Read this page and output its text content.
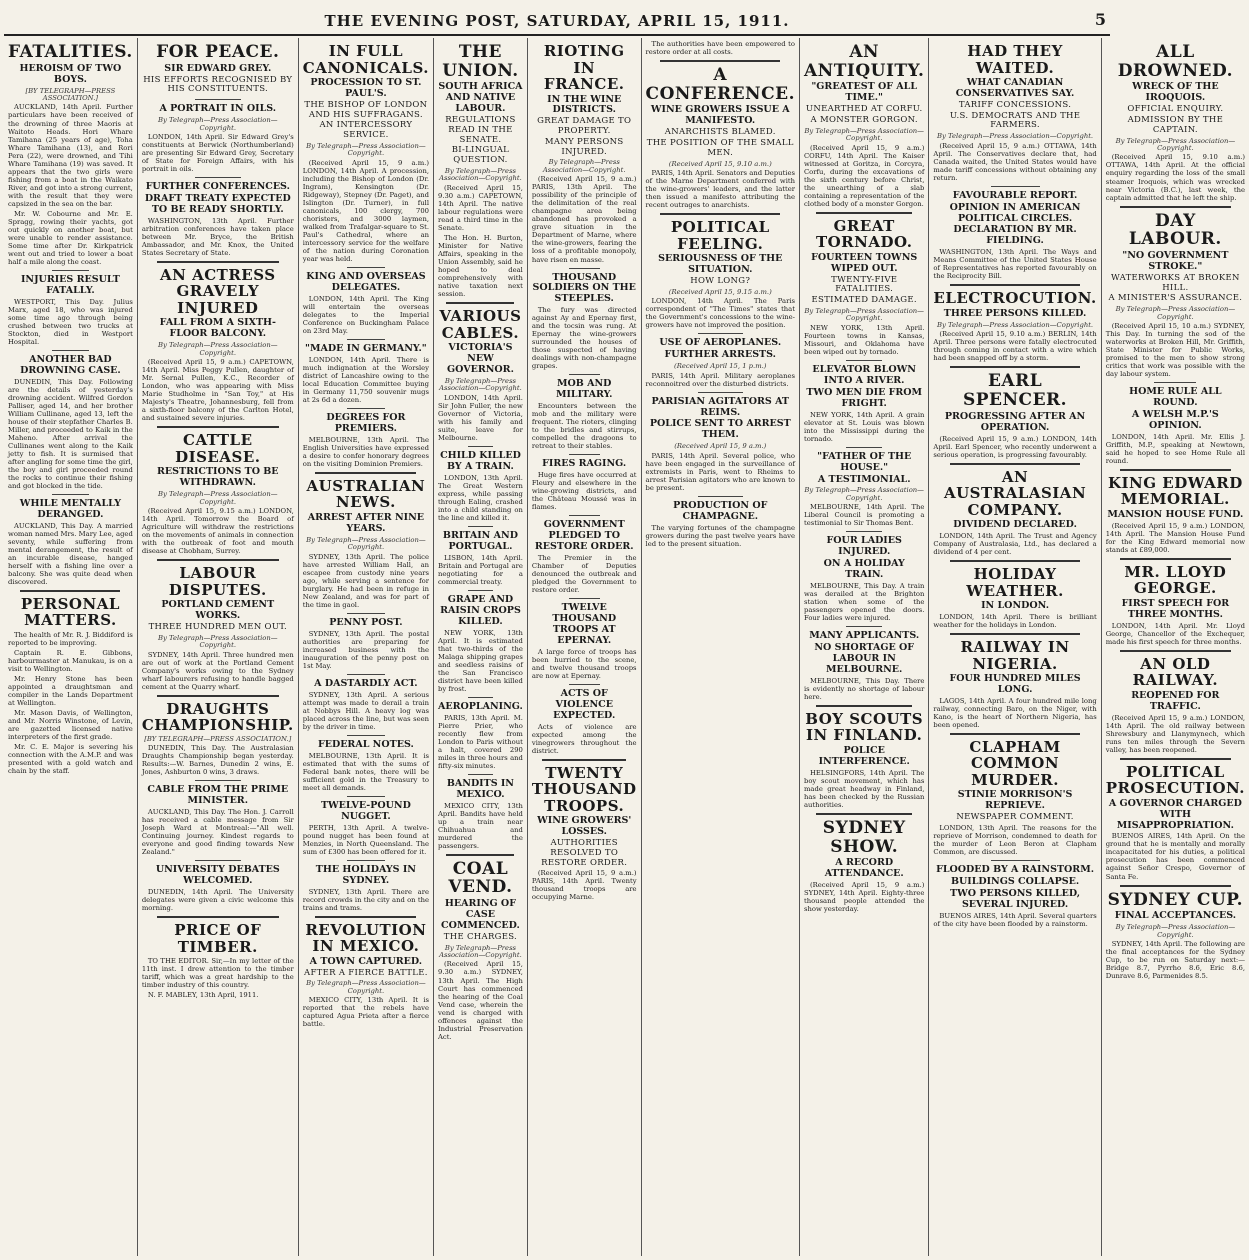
THE EVENING POST, SATURDAY, APRIL 15, 1911.	5
FATALITIES.
HEROISM OF TWO BOYS.
[BY TELEGRAPH—PRESS ASSOCIATION.]
AUCKLAND, 14th April. Further particulars have been received of the drowning of three Maoris at Waitoto Heads. Hori Whare Tamihana (25 years of age), Toha Whare Tamihana (13), and Rori Pera (22), were drowned, and Tihi Whare Tamihana (19) was saved. It appears that the two girls were fishing from a boat in the Waikato River, and got into a strong current, with the result that they were capsized in the sea on the bar.
Mr. W. Cobourne and Mr. E. Spragg, rowing their yachts, got out quickly on another boat, but were unable to render assistance. Some time after Dr. Kirkpatrick went out and tried to lower a boat half a mile along the coast.
INJURIES RESULT FATALLY.
WESTPORT, This Day. Julius Marx, aged 18, who was injured some time ago through being crushed between two trucks at Stockton, died in Westport Hospital.
ANOTHER BAD DROWNING CASE.
DUNEDIN, This Day. Following are the details of yesterday's drowning accident. Wilfred Gordon Palliser, aged 14, and her brother William Cullinane, aged 13, left the house of their stepfather Charles B. Miller, and proceeded to Kaik in the Maheno. After arrival the Cullinanes went along to the Kaik jetty to fish. It is surmised that after angling for some time the girl, the boy and girl proceeded round the rocks to continue their fishing and got blocked in the tide.
WHILE MENTALLY DERANGED.
AUCKLAND, This Day. A married woman named Mrs. Mary Lee, aged seventy, while suffering from mental derangement, the result of an incurable disease, hanged herself with a fishing line over a balcony. She was quite dead when discovered.
PERSONAL MATTERS.
The health of Mr. R. J. Biddiford is reported to be improving.
Captain R. E. Gibbons, harbourmaster at Manukau, is on a visit to Wellington.
Mr. Henry Stone has been appointed a draughtsman and compiler in the Lands Department at Wellington.
Mr. Mason Davis, of Wellington, and Mr. Norris Winstone, of Levin, are gazetted licensed native interpreters of the first grade.
Mr. C. E. Major is severing his connection with the A.M.P. and was presented with a gold watch and chain by the staff.
FOR PEACE.
SIR EDWARD GREY.
HIS EFFORTS RECOGNISED BY HIS CONSTITUENTS.
A PORTRAIT IN OILS.
By Telegraph—Press Association—Copyright.
LONDON, 14th April. Sir Edward Grey's constituents at Berwick (Northumberland) are presenting Sir Edward Grey, Secretary of State for Foreign Affairs, with his portrait in oils.
FURTHER CONFERENCES.
DRAFT TREATY EXPECTED TO BE READY SHORTLY.
WASHINGTON, 13th April. Further arbitration conferences have taken place between Mr. Bryce, the British Ambassador, and Mr. Knox, the United States Secretary of State.
AN ACTRESS GRAVELY INJURED
FALL FROM A SIXTH-FLOOR BALCONY.
By Telegraph—Press Association—Copyright.
(Received April 15, 9 a.m.) CAPETOWN, 14th April. Miss Peggy Pullen, daughter of Mr. Sernal Pullen, K.C., Recorder of London, who was appearing with Miss Marie Studholme in "San Toy," at His Majesty's Theatre, Johannesburg, fell from a sixth-floor balcony of the Carlton Hotel, and sustained severe injuries.
CATTLE DISEASE.
RESTRICTIONS TO BE WITHDRAWN.
By Telegraph—Press Association—Copyright.
(Received April 15, 9.15 a.m.) LONDON, 14th April. Tomorrow the Board of Agriculture will withdraw the restrictions on the movements of animals in connection with the outbreak of foot and mouth disease at Chobham, Surrey.
LABOUR DISPUTES.
PORTLAND CEMENT WORKS.
THREE HUNDRED MEN OUT.
By Telegraph—Press Association—Copyright.
SYDNEY, 14th April. Three hundred men are out of work at the Portland Cement Company's works owing to the Sydney wharf labourers refusing to handle bagged cement at the Quarry wharf.
DRAUGHTS CHAMPIONSHIP.
[BY TELEGRAPH—PRESS ASSOCIATION.]
DUNEDIN, This Day. The Australasian Draughts Championship began yesterday. Results:—W. Barnes, Dunedin 2 wins, E. Jones, Ashburton 0 wins, 3 draws.
CABLE FROM THE PRIME MINISTER.
AUCKLAND, This Day. The Hon. J. Carroll has received a cable message from Sir Joseph Ward at Montreal:—"All well. Continuing journey. Kindest regards to everyone and good finding towards New Zealand."
UNIVERSITY DEBATES WELCOMED.
DUNEDIN, 14th April. The University delegates were given a civic welcome this morning.
PRICE OF TIMBER.
TO THE EDITOR. Sir,—In my letter of the 11th inst. I drew attention to the timber tariff, which was a great hardship to the timber industry of this country.
N. F. MABLEY, 13th April, 1911.
IN FULL CANONICALS.
PROCESSION TO ST. PAUL'S.
THE BISHOP OF LONDON AND HIS SUFFRAGANS.
AN INTERCESSORY SERVICE.
By Telegraph—Press Association—Copyright.
(Received April 15, 9 a.m.) LONDON, 14th April. A procession, including the Bishop of London (Dr. Ingram), Kensington (Dr. Ridgeway), Stepney (Dr. Paget), and Islington (Dr. Turner), in full canonicals, 100 clergy, 700 choristers, and 3000 laymen, walked from Trafalgar-square to St. Paul's Cathedral, where an intercessory service for the welfare of the nation during Coronation year was held.
KING AND OVERSEAS DELEGATES.
LONDON, 14th April. The King will entertain the overseas delegates to the Imperial Conference on Buckingham Palace on 23rd May.
"MADE IN GERMANY."
LONDON, 14th April. There is much indignation at the Worsley district of Lancashire owing to the local Education Committee buying in Germany 11,750 souvenir mugs at 2s 6d a dozen.
DEGREES FOR PREMIERS.
MELBOURNE, 13th April. The English Universities have expressed a desire to confer honorary degrees on the visiting Dominion Premiers.
AUSTRALIAN NEWS.
ARREST AFTER NINE YEARS.
By Telegraph—Press Association—Copyright.
SYDNEY, 13th April. The police have arrested William Hall, an escapee from custody nine years ago, while serving a sentence for burglary. He had been in refuge in New Zealand, and was for part of the time in gaol.
PENNY POST.
SYDNEY, 13th April. The postal authorities are preparing for increased business with the inauguration of the penny post on 1st May.
A DASTARDLY ACT.
SYDNEY, 13th April. A serious attempt was made to derail a train at Nobbys Hill. A heavy log was placed across the line, but was seen by the driver in time.
FEDERAL NOTES.
MELBOURNE, 13th April. It is estimated that with the sums of Federal bank notes, there will be sufficient gold in the Treasury to meet all demands.
TWELVE-POUND NUGGET.
PERTH, 13th April. A twelve-pound nugget has been found at Menzies, in North Queensland. The sum of £300 has been offered for it.
THE HOLIDAYS IN SYDNEY.
SYDNEY, 13th April. There are record crowds in the city and on the trains and trams.
REVOLUTION IN MEXICO.
A TOWN CAPTURED.
AFTER A FIERCE BATTLE.
By Telegraph—Press Association—Copyright.
MEXICO CITY, 13th April. It is reported that the rebels have captured Agua Prieta after a fierce battle.
THE UNION.
SOUTH AFRICA AND NATIVE LABOUR.
REGULATIONS READ IN THE SENATE.
BI-LINGUAL QUESTION.
By Telegraph—Press Association—Copyright.
(Received April 15, 9.30 a.m.) CAPETOWN, 14th April. The native labour regulations were read a third time in the Senate.
The Hon. H. Burton, Minister for Native Affairs, speaking in the Union Assembly, said he hoped to deal comprehensively with native taxation next session.
VARIOUS CABLES.
VICTORIA'S NEW GOVERNOR.
By Telegraph—Press Association—Copyright.
LONDON, 14th April. Sir John Fuller, the new Governor of Victoria, with his family and suite, leave for Melbourne.
CHILD KILLED BY A TRAIN.
LONDON, 13th April. The Great Western express, while passing through Ealing, crashed into a child standing on the line and killed it.
BRITAIN AND PORTUGAL.
LISBON, 14th April. Britain and Portugal are negotiating for a commercial treaty.
GRAPE AND RAISIN CROPS KILLED.
NEW YORK, 13th April. It is estimated that two-thirds of the Malaga shipping grapes and seedless raisins of the San Francisco district have been killed by frost.
AEROPLANING.
PARIS, 13th April. M. Pierre Prier, who recently flew from London to Paris without a halt, covered 290 miles in three hours and fifty-six minutes.
BANDITS IN MEXICO.
MEXICO CITY, 13th April. Bandits have held up a train near Chihuahua and murdered the passengers.
COAL VEND.
HEARING OF CASE COMMENCED.
THE CHARGES.
By Telegraph—Press Association—Copyright.
(Received April 15, 9.30 a.m.) SYDNEY, 13th April. The High Court has commenced the hearing of the Coal Vend case, wherein the vend is charged with offences against the Industrial Preservation Act.
RIOTING IN FRANCE.
IN THE WINE DISTRICTS.
GREAT DAMAGE TO PROPERTY.
MANY PERSONS INJURED.
By Telegraph—Press Association—Copyright.
(Received April 15, 9 a.m.) PARIS, 13th April. The possibility of the principle of the delimitation of the real champagne area being abandoned has provoked a grave situation in the Department of Marne, where the wine-growers, fearing the loss of a profitable monopoly, have risen en masse.
THOUSAND SOLDIERS ON THE STEEPLES.
The fury was directed against Ay and Epernay first, and the tocsin was rung. At Epernay the wine-growers surrounded the houses of those suspected of having dealings with non-champagne grapes.
MOB AND MILITARY.
Encounters between the mob and the military were frequent. The rioters, clinging to the bridles and stirrups, compelled the dragoons to retreat to their stables.
FIRES RAGING.
Huge fires have occurred at Fleury and elsewhere in the wine-growing districts, and the Château Moussé was in flames.
GOVERNMENT PLEDGED TO RESTORE ORDER.
The Premier in the Chamber of Deputies denounced the outbreak and pledged the Government to restore order.
TWELVE THOUSAND TROOPS AT EPERNAY.
A large force of troops has been hurried to the scene, and twelve thousand troops are now at Epernay.
ACTS OF VIOLENCE EXPECTED.
Acts of violence are expected among the vinegrowers throughout the district.
TWENTY THOUSAND TROOPS.
WINE GROWERS' LOSSES.
AUTHORITIES RESOLVED TO RESTORE ORDER.
(Received April 15, 9 a.m.) PARIS, 14th April. Twenty thousand troops are occupying Marne.
The authorities have been empowered to restore order at all costs.
A CONFERENCE.
WINE GROWERS ISSUE A MANIFESTO.
ANARCHISTS BLAMED.
THE POSITION OF THE SMALL MEN.
(Received April 15, 9.10 a.m.)
PARIS, 14th April. Senators and Deputies of the Marne Department conferred with the wine-growers' leaders, and the latter then issued a manifesto attributing the recent outrages to anarchists.
POLITICAL FEELING.
SERIOUSNESS OF THE SITUATION.
HOW LONG?
(Received April 15, 9.15 a.m.)
LONDON, 14th April. The Paris correspondent of "The Times" states that the Government's concessions to the wine-growers have not improved the position.
USE OF AEROPLANES.
FURTHER ARRESTS.
(Received April 15, 1 p.m.)
PARIS, 14th April. Military aeroplanes reconnoitred over the disturbed districts.
PARISIAN AGITATORS AT REIMS.
POLICE SENT TO ARREST THEM.
(Received April 15, 9 a.m.)
PARIS, 14th April. Several police, who have been engaged in the surveillance of extremists in Paris, went to Rheims to arrest Parisian agitators who are known to be present.
PRODUCTION OF CHAMPAGNE.
The varying fortunes of the champagne growers during the past twelve years have led to the present situation.
AN ANTIQUITY.
"GREATEST OF ALL TIME."
UNEARTHED AT CORFU.
A MONSTER GORGON.
By Telegraph—Press Association—Copyright.
(Received April 15, 9 a.m.) CORFU, 14th April. The Kaiser witnessed at Goritza, in Corcyra, Corfu, during the excavations of the sixth century before Christ, the unearthing of a slab containing a representation of the clothed body of a monster Gorgon.
GREAT TORNADO.
FOURTEEN TOWNS WIPED OUT.
TWENTY-FIVE FATALITIES.
ESTIMATED DAMAGE.
By Telegraph—Press Association—Copyright.
NEW YORK, 13th April. Fourteen towns in Kansas, Missouri, and Oklahoma have been wiped out by tornado.
ELEVATOR BLOWN INTO A RIVER.
TWO MEN DIE FROM FRIGHT.
NEW YORK, 14th April. A grain elevator at St. Louis was blown into the Mississippi during the tornado.
"FATHER OF THE HOUSE."
A TESTIMONIAL.
By Telegraph—Press Association—Copyright.
MELBOURNE, 14th April. The Liberal Council is promoting a testimonial to Sir Thomas Bent.
FOUR LADIES INJURED.
ON A HOLIDAY TRAIN.
MELBOURNE, This Day. A train was derailed at the Brighton station when some of the passengers opened the doors. Four ladies were injured.
MANY APPLICANTS.
NO SHORTAGE OF LABOUR IN MELBOURNE.
MELBOURNE, This Day. There is evidently no shortage of labour here.
BOY SCOUTS IN FINLAND.
POLICE INTERFERENCE.
HELSINGFORS, 14th April. The boy scout movement, which has made great headway in Finland, has been checked by the Russian authorities.
SYDNEY SHOW.
A RECORD ATTENDANCE.
(Received April 15, 9 a.m.) SYDNEY, 14th April. Eighty-three thousand people attended the show yesterday.
HAD THEY WAITED.
WHAT CANADIAN CONSERVATIVES SAY.
TARIFF CONCESSIONS.
U.S. DEMOCRATS AND THE FARMERS.
By Telegraph—Press Association—Copyright.
(Received April 15, 9 a.m.) OTTAWA, 14th April. The Conservatives declare that, had Canada waited, the United States would have made tariff concessions without obtaining any return.
FAVOURABLE REPORT.
OPINION IN AMERICAN POLITICAL CIRCLES.
DECLARATION BY MR. FIELDING.
WASHINGTON, 13th April. The Ways and Means Committee of the United States House of Representatives has reported favourably on the Reciprocity Bill.
ELECTROCUTION.
THREE PERSONS KILLED.
By Telegraph—Press Association—Copyright.
(Received April 15, 9.10 a.m.) BERLIN, 14th April. Three persons were fatally electrocuted through coming in contact with a wire which had been snapped off by a storm.
EARL SPENCER.
PROGRESSING AFTER AN OPERATION.
(Received April 15, 9 a.m.) LONDON, 14th April. Earl Spencer, who recently underwent a serious operation, is progressing favourably.
AN AUSTRALASIAN COMPANY.
DIVIDEND DECLARED.
LONDON, 14th April. The Trust and Agency Company of Australasia, Ltd., has declared a dividend of 4 per cent.
HOLIDAY WEATHER.
IN LONDON.
LONDON, 14th April. There is brilliant weather for the holidays in London.
RAILWAY IN NIGERIA.
FOUR HUNDRED MILES LONG.
LAGOS, 14th April. A four hundred mile long railway, connecting Baro, on the Niger, with Kano, is the heart of Northern Nigeria, has been opened.
CLAPHAM COMMON MURDER.
STINIE MORRISON'S REPRIEVE.
NEWSPAPER COMMENT.
LONDON, 13th April. The reasons for the reprieve of Morrison, condemned to death for the murder of Leon Beron at Clapham Common, are discussed.
FLOODED BY A RAINSTORM.
BUILDINGS COLLAPSE.
TWO PERSONS KILLED, SEVERAL INJURED.
BUENOS AIRES, 14th April. Several quarters of the city have been flooded by a rainstorm.
ALL DROWNED.
WRECK OF THE IROQUOIS.
OFFICIAL ENQUIRY.
ADMISSION BY THE CAPTAIN.
By Telegraph—Press Association—Copyright.
(Received April 15, 9.10 a.m.) OTTAWA, 14th April. At the official enquiry regarding the loss of the small steamer Iroquois, which was wrecked near Victoria (B.C.), last week, the captain admitted that he left the ship.
DAY LABOUR.
"NO GOVERNMENT STROKE."
WATERWORKS AT BROKEN HILL.
A MINISTER'S ASSURANCE.
By Telegraph—Press Association—Copyright.
(Received April 15, 10 a.m.) SYDNEY, This Day. In turning the sod of the waterworks at Broken Hill, Mr. Griffith, State Minister for Public Works, promised to the men to show strong critics that work was possible with the day labour system.
HOME RULE ALL ROUND.
A WELSH M.P.'S OPINION.
LONDON, 14th April. Mr. Ellis J. Griffith, M.P., speaking at Newtown, said he hoped to see Home Rule all round.
KING EDWARD MEMORIAL.
MANSION HOUSE FUND.
(Received April 15, 9 a.m.) LONDON, 14th April. The Mansion House Fund for the King Edward memorial now stands at £89,000.
MR. LLOYD GEORGE.
FIRST SPEECH FOR THREE MONTHS.
LONDON, 14th April. Mr. Lloyd George, Chancellor of the Exchequer, made his first speech for three months.
AN OLD RAILWAY.
REOPENED FOR TRAFFIC.
(Received April 15, 9 a.m.) LONDON, 14th April. The old railway between Shrewsbury and Llanymynech, which runs ten miles through the Severn valley, has been reopened.
POLITICAL PROSECUTION.
A GOVERNOR CHARGED WITH MISAPPROPRIATION.
BUENOS AIRES, 14th April. On the ground that he is mentally and morally incapacitated for his duties, a political prosecution has been commenced against Señor Crespo, Governor of Santa Fe.
SYDNEY CUP.
FINAL ACCEPTANCES.
By Telegraph—Press Association—Copyright.
SYDNEY, 14th April. The following are the final acceptances for the Sydney Cup, to be run on Saturday next:—Bridge 8.7, Pyrrho 8.6, Eric 8.6, Dunrave 8.6, Parmenides 8.5.
